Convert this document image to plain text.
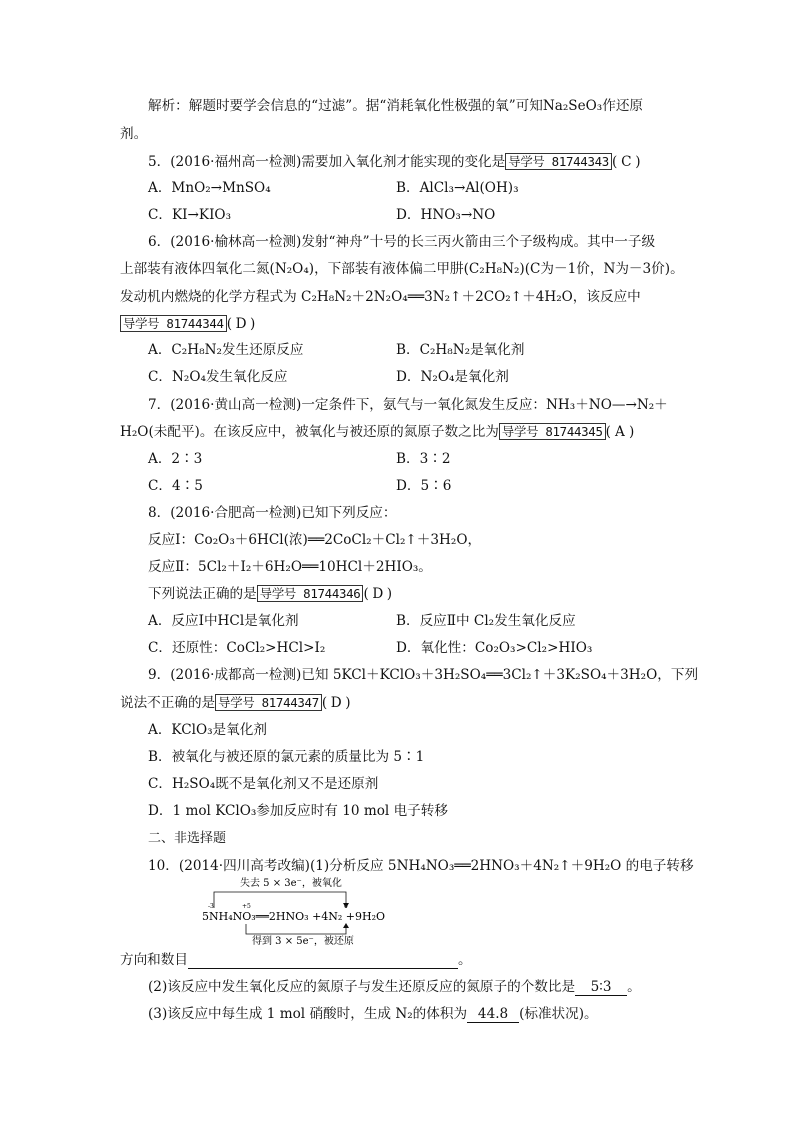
解析：解题时要学会信息的“过滤”。据“消耗氧化性极强的氧”可知Na₂SeO₃作还原
剂。
5．(2016·福州高一检测)需要加入氧化剂才能实现的变化是 导学号 81744343 ( C )
A．MnO₂→MnSO₄	B．AlCl₃→Al(OH)₃
C．KI→KIO₃	D．HNO₃→NO
6．(2016·榆林高一检测)发射“神舟”十号的长三丙火箭由三个子级构成。其中一子级
上部装有液体四氧化二氮(N₂O₄)，下部装有液体偏二甲肼(C₂H₈N₂)(C为－1价，N为－3价)。
发动机内燃烧的化学方程式为 C₂H₈N₂＋2N₂O₄══3N₂↑＋2CO₂↑＋4H₂O，该反应中
导学号 81744344 ( D )
A．C₂H₈N₂发生还原反应	B．C₂H₈N₂是氧化剂
C．N₂O₄发生氧化反应	D．N₂O₄是氧化剂
7．(2016·黄山高一检测)一定条件下，氨气与一氧化氮发生反应：NH₃＋NO—→N₂＋
H₂O(未配平)。在该反应中，被氧化与被还原的氮原子数之比为 导学号 81744345 ( A )
A．2∶3	B．3∶2
C．4∶5	D．5∶6
8．(2016·合肥高一检测)已知下列反应：
反应Ⅰ：Co₂O₃＋6HCl(浓)══2CoCl₂＋Cl₂↑＋3H₂O，
反应Ⅱ：5Cl₂＋I₂＋6H₂O══10HCl＋2HIO₃。
下列说法正确的是 导学号 81744346 ( D )
A．反应Ⅰ中HCl是氧化剂	B．反应Ⅱ中 Cl₂发生氧化反应
C．还原性：CoCl₂>HCl>I₂	D．氧化性：Co₂O₃>Cl₂>HIO₃
9．(2016·成都高一检测)已知 5KCl＋KClO₃＋3H₂SO₄══3Cl₂↑＋3K₂SO₄＋3H₂O，下列
说法不正确的是 导学号 81744347 ( D )
A．KClO₃是氧化剂
B．被氧化与被还原的氯元素的质量比为 5∶1
C．H₂SO₄既不是氧化剂又不是还原剂
D．1 mol KClO₃参加反应时有 10 mol 电子转移
二、非选择题
10．(2014·四川高考改编)(1)分析反应 5NH₄NO₃══2HNO₃＋4N₂↑＋9H₂O 的电子转移
失去 5 × 3e⁻，被氧化
-3	+5	0
5NH₄NO₃══2HNO₃ +4N₂ +9H₂O
得到 3 × 5e⁻，被还原
方向和数目	。
(2)该反应中发生氧化反应的氮原子与发生还原反应的氮原子的个数比是 5∶3 。
(3)该反应中每生成 1 mol 硝酸时，生成 N₂的体积为 44.8 (标准状况)。
